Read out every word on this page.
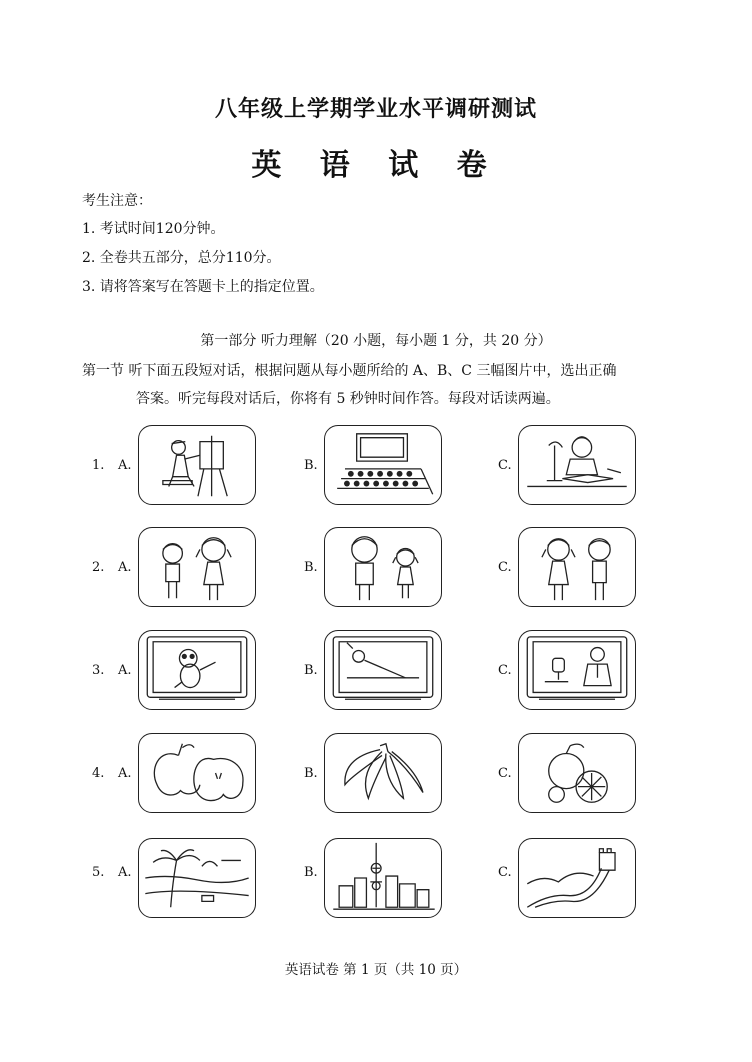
八年级上学期学业水平调研测试
英 语 试 卷
考生注意：
1. 考试时间120分钟。
2. 全卷共五部分，总分110分。
3. 请将答案写在答题卡上的指定位置。
第一部分 听力理解（20 小题，每小题 1 分，共 20 分）
第一节 听下面五段短对话，根据问题从每小题所给的 A、B、C 三幅图片中，选出正确
答案。听完每段对话后，你将有 5 秒钟时间作答。每段对话读两遍。
1. A.	B.	C.
2. A.	B.	C.
3. A.	B.	C.
4. A.	B.	C.
5. A.	B.	C.
英语试卷 第 1 页（共 10 页）
